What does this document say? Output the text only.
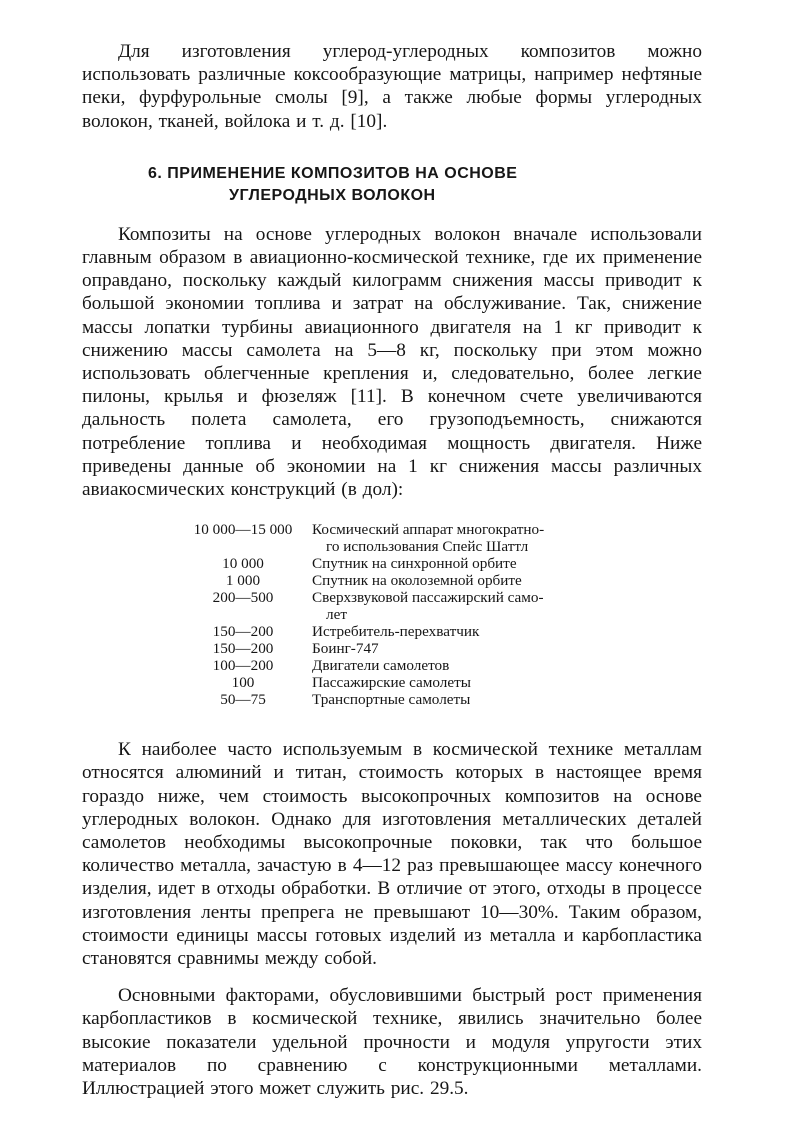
Для изготовления углерод-углеродных композитов можно использовать различные коксообразующие матрицы, например нефтяные пеки, фурфурольные смолы [9], а также любые формы углеродных волокон, тканей, войлока и т. д. [10].

6. ПРИМЕНЕНИЕ КОМПОЗИТОВ НА ОСНОВЕ
УГЛЕРОДНЫХ ВОЛОКОН

Композиты на основе углеродных волокон вначале использовали главным образом в авиационно-космической технике, где их применение оправдано, поскольку каждый килограмм снижения массы приводит к большой экономии топлива и затрат на обслуживание. Так, снижение массы лопатки турбины авиационного двигателя на 1 кг приводит к снижению массы самолета на 5—8 кг, поскольку при этом можно использовать облегченные крепления и, следовательно, более легкие пилоны, крылья и фюзеляж [11]. В конечном счете увеличиваются дальность полета самолета, его грузоподъемность, снижаются потребление топлива и необходимая мощность двигателя. Ниже приведены данные об экономии на 1 кг снижения массы различных авиакосмических конструкций (в дол):

10 000—15 000	Космический аппарат многократно-
го использования Спейс Шаттл
10 000	Спутник на синхронной орбите
1 000	Спутник на околоземной орбите
200—500	Сверхзвуковой пассажирский само-
лет
150—200	Истребитель-перехватчик
150—200	Боинг-747
100—200	Двигатели самолетов
100	Пассажирские самолеты
50—75	Транспортные самолеты

К наиболее часто используемым в космической технике металлам относятся алюминий и титан, стоимость которых в настоящее время гораздо ниже, чем стоимость высокопрочных композитов на основе углеродных волокон. Однако для изготовления металлических деталей самолетов необходимы высокопрочные поковки, так что большое количество металла, зачастую в 4—12 раз превышающее массу конечного изделия, идет в отходы обработки. В отличие от этого, отходы в процессе изготовления ленты препрега не превышают 10—30%. Таким образом, стоимости единицы массы готовых изделий из металла и карбопластика становятся сравнимы между собой.

Основными факторами, обусловившими быстрый рост применения карбопластиков в космической технике, явились значительно более высокие показатели удельной прочности и модуля упругости этих материалов по сравнению с конструкционными металлами. Иллюстрацией этого может служить рис. 29.5.
